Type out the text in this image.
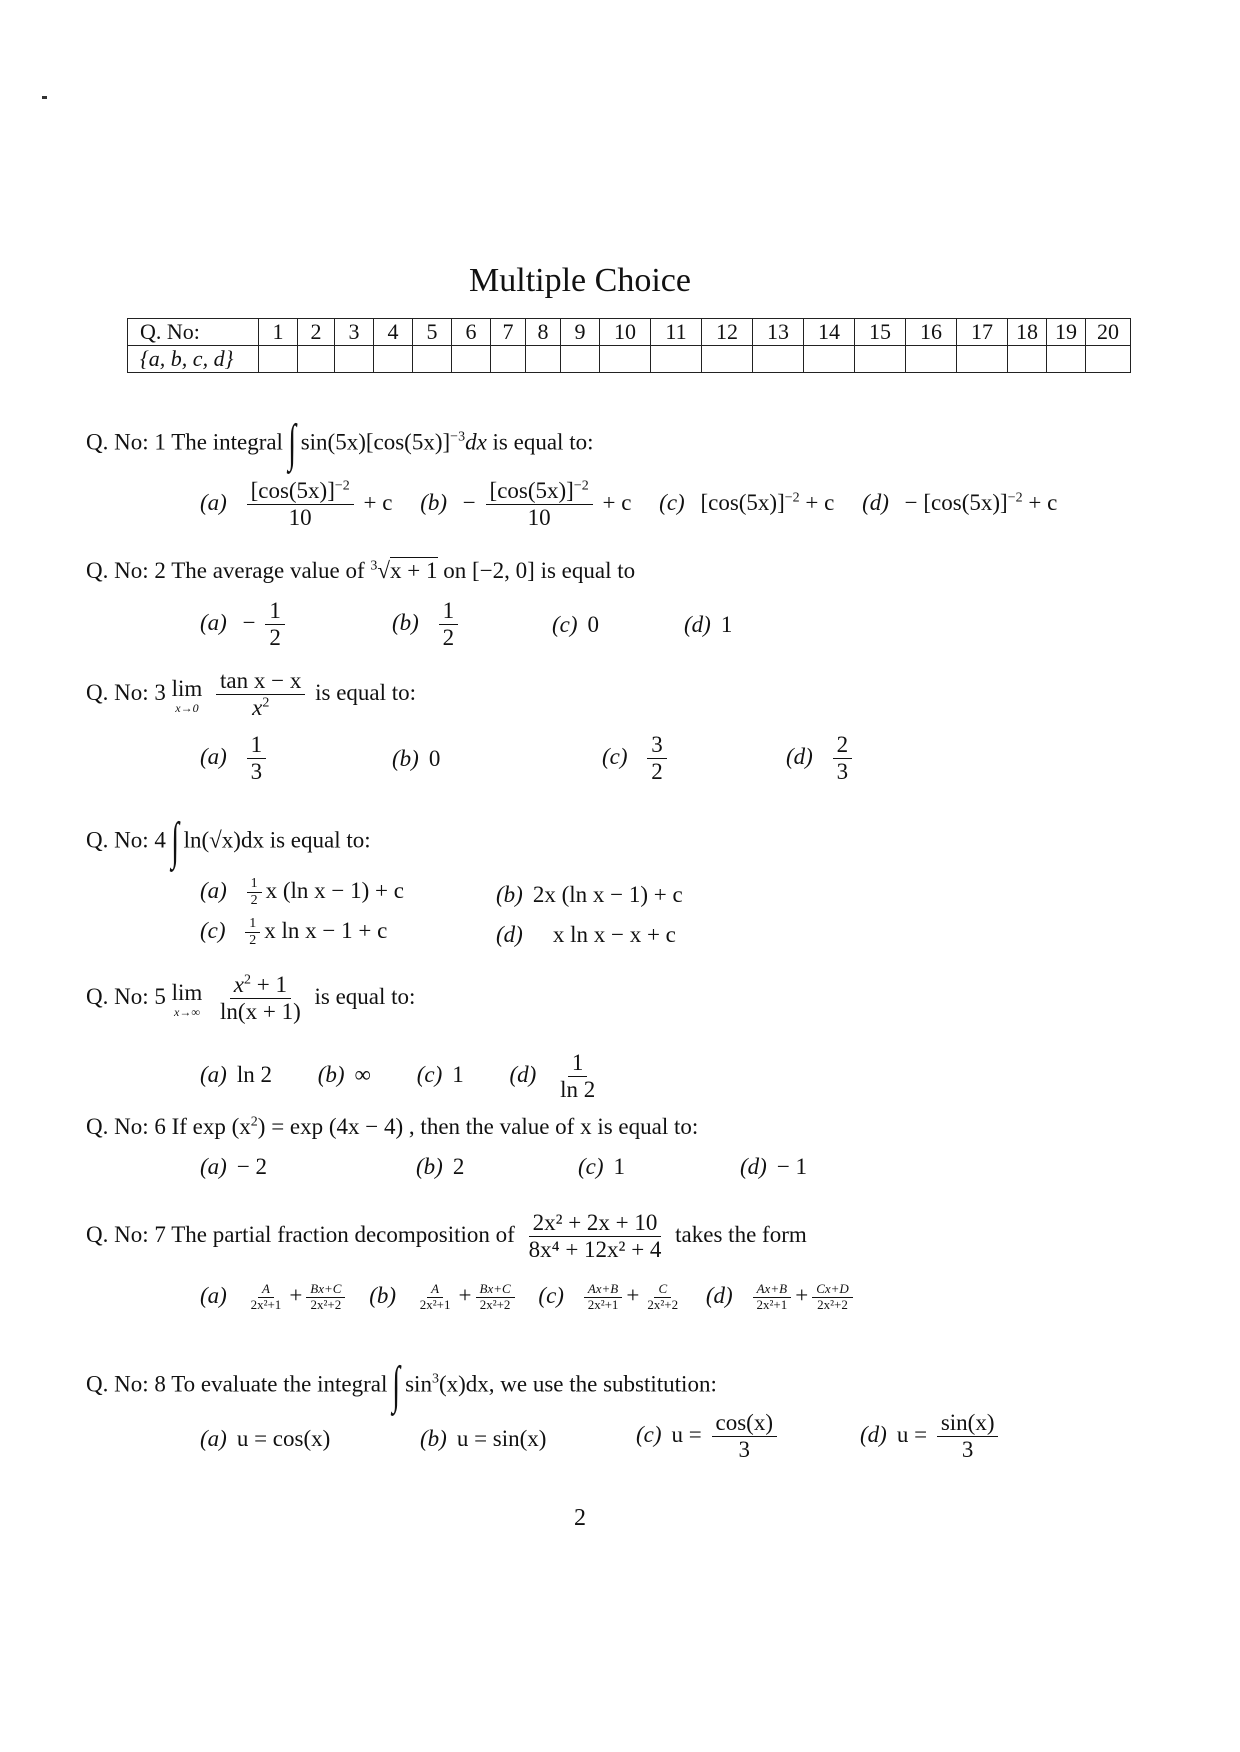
Multiple Choice
Q. No:	1	2	3	4	5	6	7	8	9	10	11	12	13	14	15	16	17	18	19	20
{a, b, c, d}																				
Q. No: 1 The integral ∫ $\sin(5x)[\cos(5x)]^{-3}dx$ is equal to:
$(a) \frac{[\cos(5x)]^{-2}}{10} + c$ $(b) - \frac{[\cos(5x)]^{-2}}{10} + c$ (c) $[\cos(5x)]^{-2} + c$ $(d) - [\cos(5x)]^{-2} + c$
Q. No: 2 The average value of $^3$√x + 1 on [−2, 0] is equal to
$(a) - \frac{1}{2}$	$(b) \frac{1}{2}$	(c) 0	(d) 1
Q. No: 3 lim
x→0
$\frac{\text{tan x − x}}{x^2}$ is equal to:
$(a) \frac{1}{3}$	(b) 0	$(c) \frac{3}{2}$	$(d) \frac{2}{3}$
Q. No: 4 ∫ ln(√x)dx is equal to:
$(a) \frac{1}{2}$ x (ln x − 1) + c	(b) 2x (ln x − 1) + c
$(c) \frac{1}{2}$ x ln x − 1 + c	(d) x ln x − x + c
Q. No: 5 lim
x→∞
$\frac{x^2 + 1}{\ln(x + 1)}$ is equal to:
(a) ln 2 (b) ∞ (c) 1 $(d) \frac{1}{\ln 2}$
Q. No: 6 If $\exp (x^2) = \exp (4x - 4)$ , then the value of x is equal to:
(a) − 2	(b) 2	(c) 1	(d) − 1
Q. No: 7 The partial fraction decomposition of $\frac{\text{2x² + 2x + 10}}{\text{8x⁴ + 12x² + 4}}$ takes the form
$(a) \frac{A}{\text{2x²+1}} + \frac{Bx+C}{\text{2x²+2}} (b) \frac{A}{\text{2x²+1}} + \frac{Bx+C}{\text{2x²+2}} (c) \frac{Ax+B}{\text{2x²+1}} + \frac{C}{\text{2x²+2}} (d) \frac{Ax+B}{\text{2x²+1}} + \frac{Cx+D}{\text{2x²+2}}$
Q. No: 8 To evaluate the integral ∫ $\sin^3(x)dx$, we use the substitution:
(a) u = cos(x)	(b) u = sin(x)	(c) $u = \frac{\cos(x)}{3}$	(d) $u = \frac{\sin(x)}{3}$
2
